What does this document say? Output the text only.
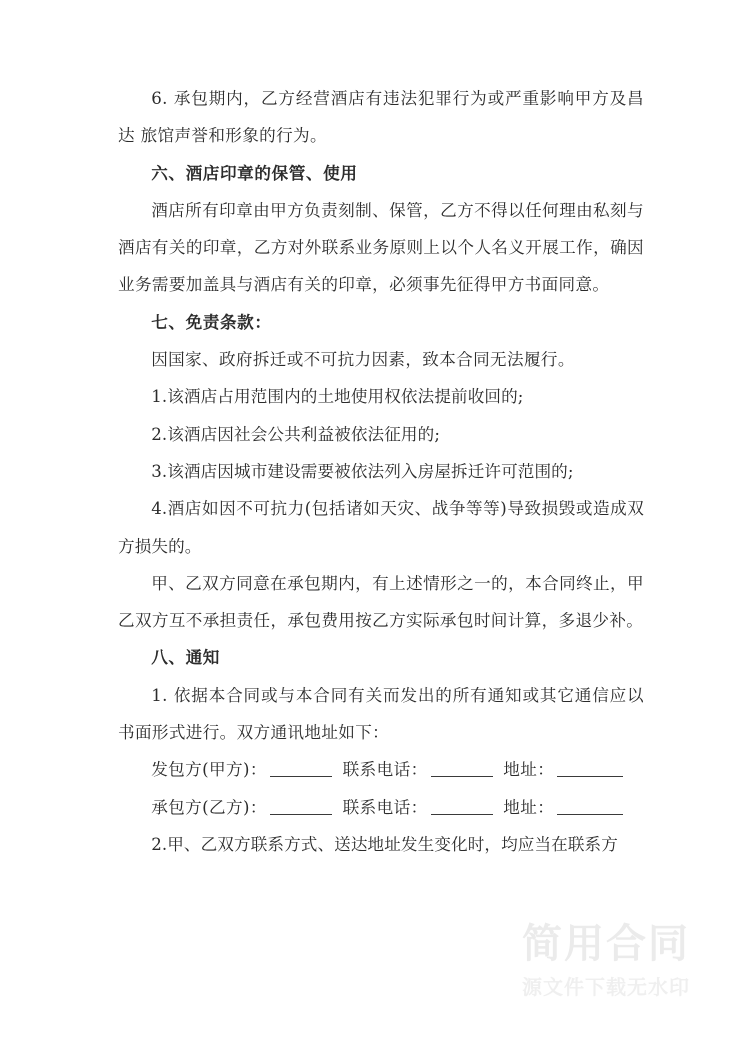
6. 承包期内，乙方经营酒店有违法犯罪行为或严重影响甲方及昌达 旅馆声誉和形象的行为。

六、酒店印章的保管、使用

酒店所有印章由甲方负责刻制、保管，乙方不得以任何理由私刻与酒店有关的印章，乙方对外联系业务原则上以个人名义开展工作，确因业务需要加盖具与酒店有关的印章，必须事先征得甲方书面同意。

七、免责条款：

因国家、政府拆迁或不可抗力因素，致本合同无法履行。

1.该酒店占用范围内的土地使用权依法提前收回的;

2.该酒店因社会公共利益被依法征用的;

3.该酒店因城市建设需要被依法列入房屋拆迁许可范围的;

4.酒店如因不可抗力(包括诸如天灾、战争等等)导致损毁或造成双方损失的。

甲、乙双方同意在承包期内，有上述情形之一的，本合同终止，甲乙双方互不承担责任，承包费用按乙方实际承包时间计算，多退少补。

八、通知

1. 依据本合同或与本合同有关而发出的所有通知或其它通信应以书面形式进行。双方通讯地址如下：

发包方(甲方)：	联系电话：	地址：

承包方(乙方)：	联系电话：	地址：

2.甲、乙双方联系方式、送达地址发生变化时，均应当在联系方

简用合同
源文件下载无水印
